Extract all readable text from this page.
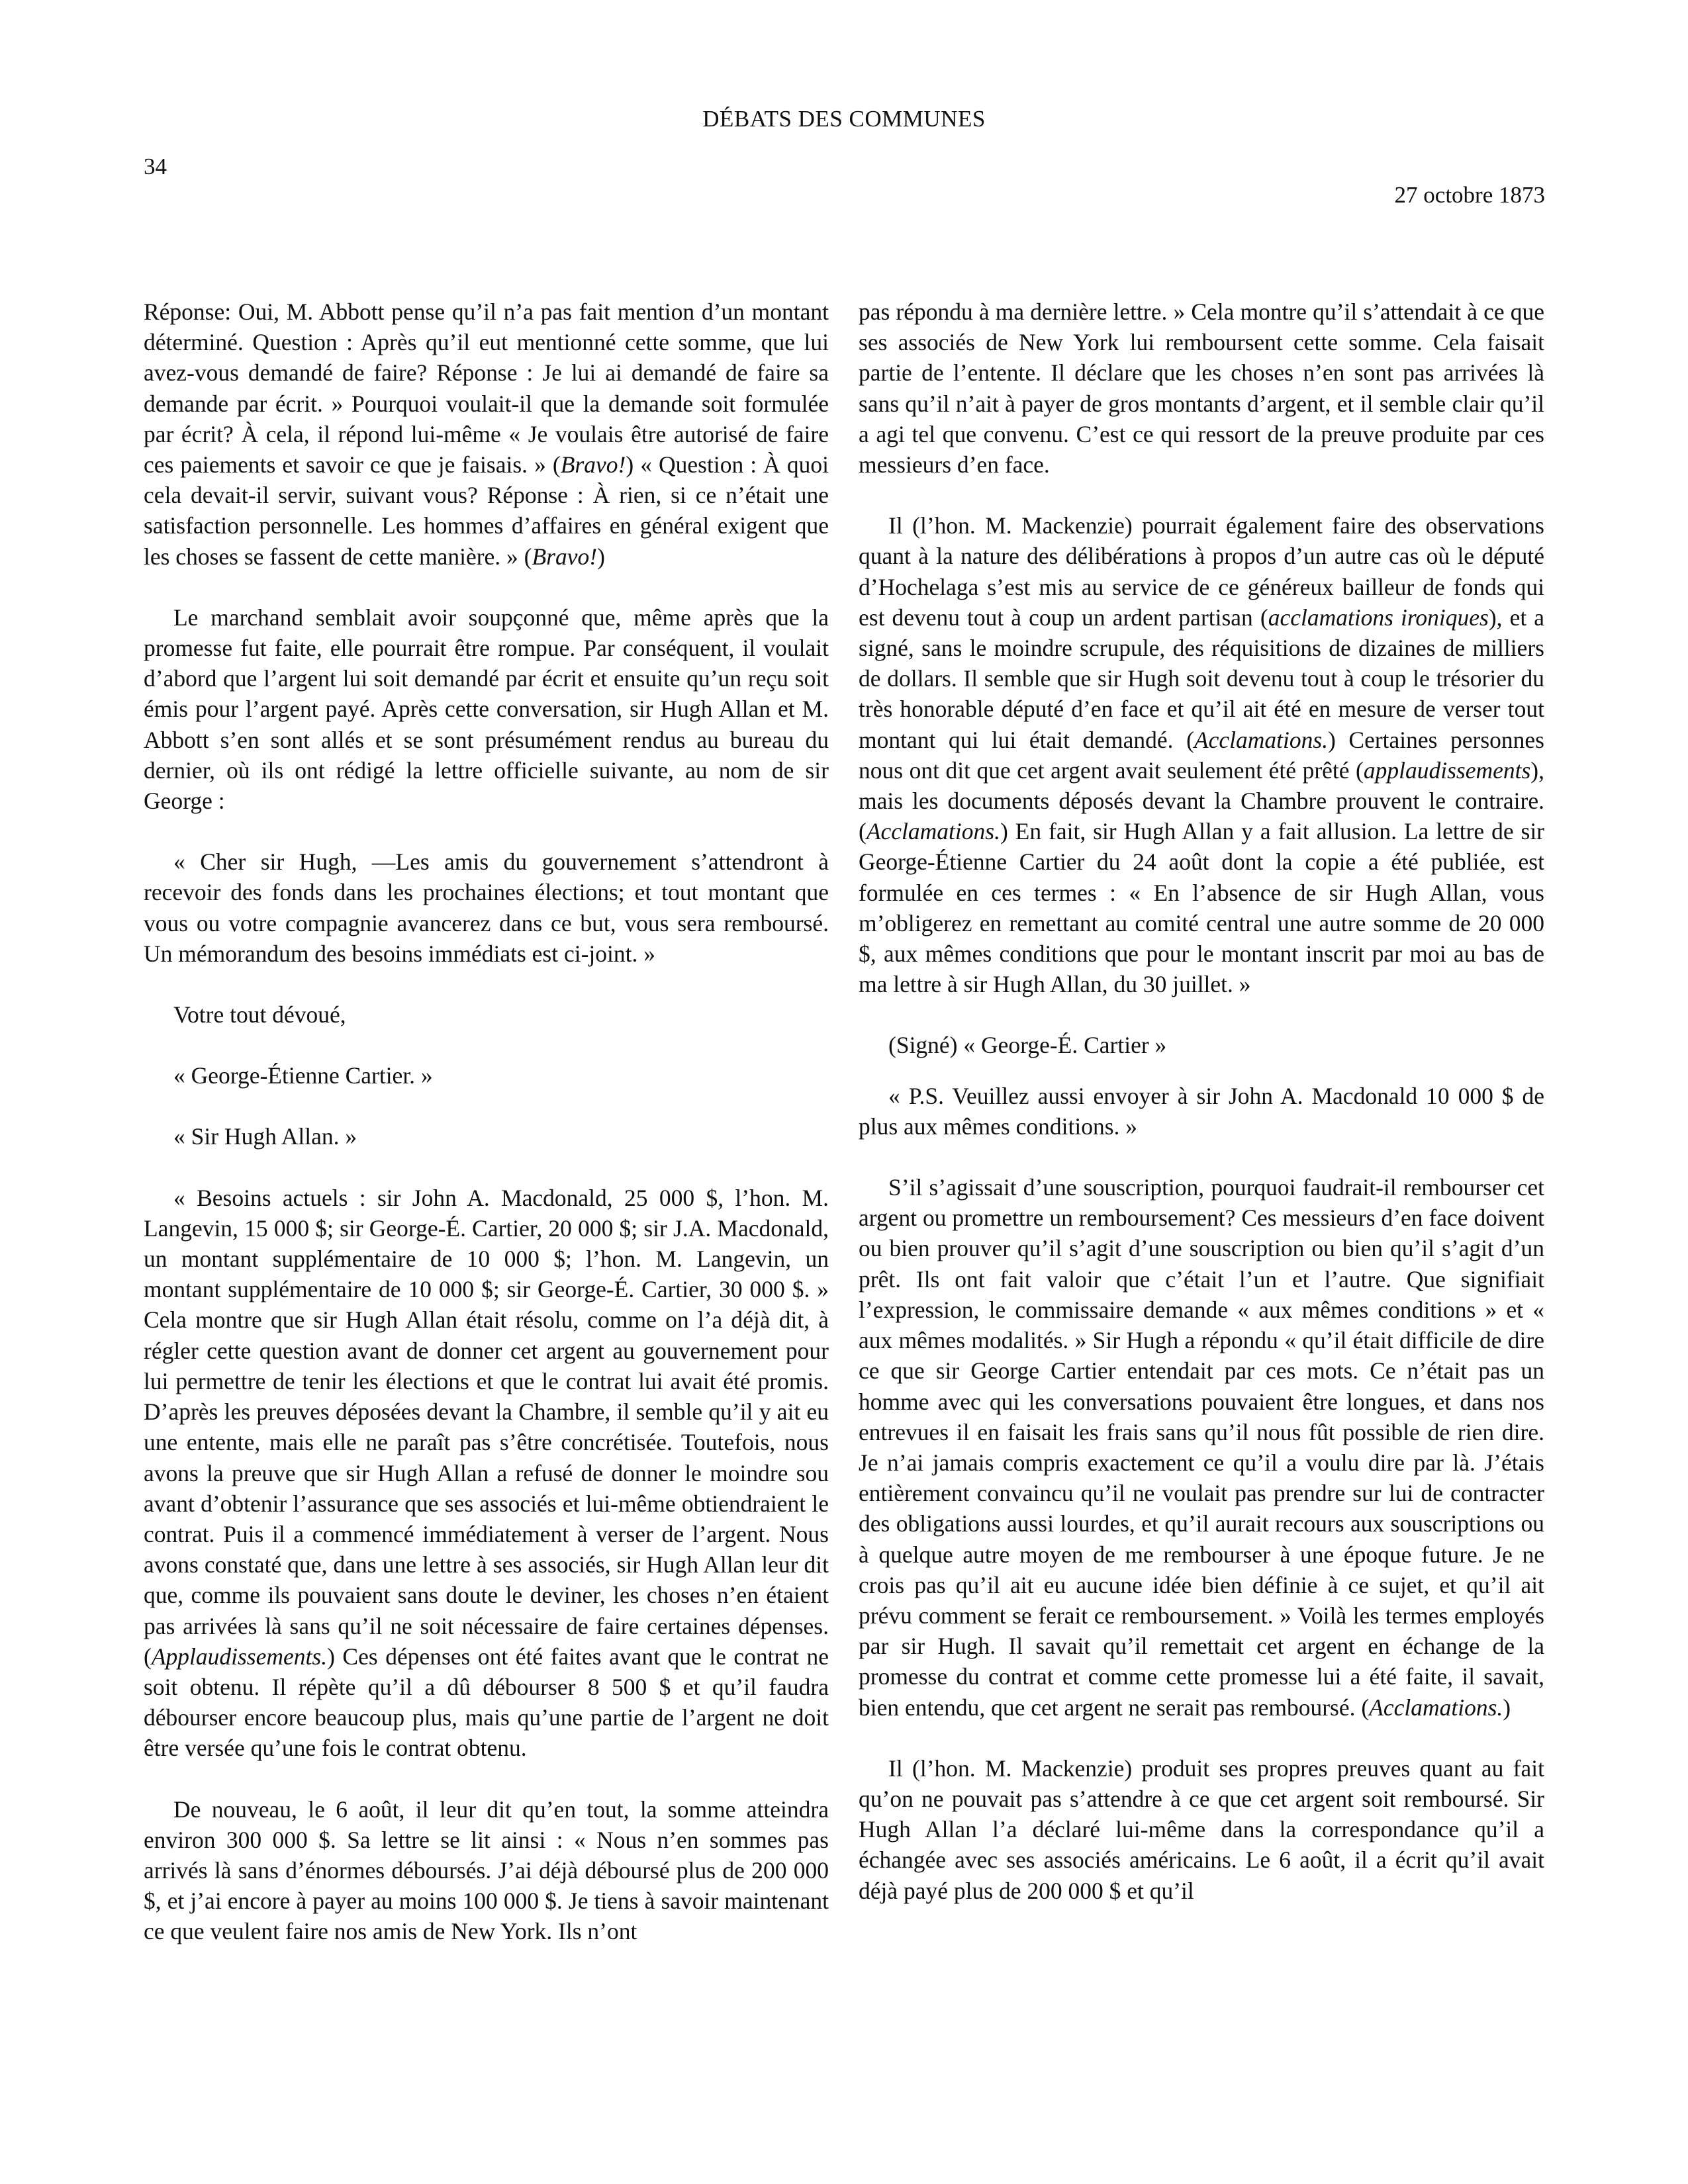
DÉBATS DES COMMUNES
34
27 octobre 1873

Réponse: Oui, M. Abbott pense qu’il n’a pas fait mention d’un montant déterminé. Question : Après qu’il eut mentionné cette somme, que lui avez-vous demandé de faire? Réponse : Je lui ai demandé de faire sa demande par écrit. » Pourquoi voulait-il que la demande soit formulée par écrit? À cela, il répond lui-même « Je voulais être autorisé de faire ces paiements et savoir ce que je faisais. » (Bravo!) « Question : À quoi cela devait-il servir, suivant vous? Réponse : À rien, si ce n’était une satisfaction personnelle. Les hommes d’affaires en général exigent que les choses se fassent de cette manière. » (Bravo!)

Le marchand semblait avoir soupçonné que, même après que la promesse fut faite, elle pourrait être rompue. Par conséquent, il voulait d’abord que l’argent lui soit demandé par écrit et ensuite qu’un reçu soit émis pour l’argent payé. Après cette conversation, sir Hugh Allan et M. Abbott s’en sont allés et se sont présumément rendus au bureau du dernier, où ils ont rédigé la lettre officielle suivante, au nom de sir George :

« Cher sir Hugh, —Les amis du gouvernement s’attendront à recevoir des fonds dans les prochaines élections; et tout montant que vous ou votre compagnie avancerez dans ce but, vous sera remboursé. Un mémorandum des besoins immédiats est ci-joint. »

Votre tout dévoué,

« George-Étienne Cartier. »

« Sir Hugh Allan. »

« Besoins actuels : sir John A. Macdonald, 25 000 $, l’hon. M. Langevin, 15 000 $; sir George-É. Cartier, 20 000 $; sir J.A. Macdonald, un montant supplémentaire de 10 000 $; l’hon. M. Langevin, un montant supplémentaire de 10 000 $; sir George-É. Cartier, 30 000 $. » Cela montre que sir Hugh Allan était résolu, comme on l’a déjà dit, à régler cette question avant de donner cet argent au gouvernement pour lui permettre de tenir les élections et que le contrat lui avait été promis. D’après les preuves déposées devant la Chambre, il semble qu’il y ait eu une entente, mais elle ne paraît pas s’être concrétisée. Toutefois, nous avons la preuve que sir Hugh Allan a refusé de donner le moindre sou avant d’obtenir l’assurance que ses associés et lui-même obtiendraient le contrat. Puis il a commencé immédiatement à verser de l’argent. Nous avons constaté que, dans une lettre à ses associés, sir Hugh Allan leur dit que, comme ils pouvaient sans doute le deviner, les choses n’en étaient pas arrivées là sans qu’il ne soit nécessaire de faire certaines dépenses. (Applaudissements.) Ces dépenses ont été faites avant que le contrat ne soit obtenu. Il répète qu’il a dû débourser 8 500 $ et qu’il faudra débourser encore beaucoup plus, mais qu’une partie de l’argent ne doit être versée qu’une fois le contrat obtenu.

De nouveau, le 6 août, il leur dit qu’en tout, la somme atteindra environ 300 000 $. Sa lettre se lit ainsi : « Nous n’en sommes pas arrivés là sans d’énormes déboursés. J’ai déjà déboursé plus de 200 000 $, et j’ai encore à payer au moins 100 000 $. Je tiens à savoir maintenant ce que veulent faire nos amis de New York. Ils n’ont

pas répondu à ma dernière lettre. » Cela montre qu’il s’attendait à ce que ses associés de New York lui remboursent cette somme. Cela faisait partie de l’entente. Il déclare que les choses n’en sont pas arrivées là sans qu’il n’ait à payer de gros montants d’argent, et il semble clair qu’il a agi tel que convenu. C’est ce qui ressort de la preuve produite par ces messieurs d’en face.

Il (l’hon. M. Mackenzie) pourrait également faire des observations quant à la nature des délibérations à propos d’un autre cas où le député d’Hochelaga s’est mis au service de ce généreux bailleur de fonds qui est devenu tout à coup un ardent partisan (acclamations ironiques), et a signé, sans le moindre scrupule, des réquisitions de dizaines de milliers de dollars. Il semble que sir Hugh soit devenu tout à coup le trésorier du très honorable député d’en face et qu’il ait été en mesure de verser tout montant qui lui était demandé. (Acclamations.) Certaines personnes nous ont dit que cet argent avait seulement été prêté (applaudissements), mais les documents déposés devant la Chambre prouvent le contraire. (Acclamations.) En fait, sir Hugh Allan y a fait allusion. La lettre de sir George-Étienne Cartier du 24 août dont la copie a été publiée, est formulée en ces termes : « En l’absence de sir Hugh Allan, vous m’obligerez en remettant au comité central une autre somme de 20 000 $, aux mêmes conditions que pour le montant inscrit par moi au bas de ma lettre à sir Hugh Allan, du 30 juillet. »

(Signé) « George-É. Cartier »

« P.S. Veuillez aussi envoyer à sir John A. Macdonald 10 000 $ de plus aux mêmes conditions. »

S’il s’agissait d’une souscription, pourquoi faudrait-il rembourser cet argent ou promettre un remboursement? Ces messieurs d’en face doivent ou bien prouver qu’il s’agit d’une souscription ou bien qu’il s’agit d’un prêt. Ils ont fait valoir que c’était l’un et l’autre. Que signifiait l’expression, le commissaire demande « aux mêmes conditions » et « aux mêmes modalités. » Sir Hugh a répondu « qu’il était difficile de dire ce que sir George Cartier entendait par ces mots. Ce n’était pas un homme avec qui les conversations pouvaient être longues, et dans nos entrevues il en faisait les frais sans qu’il nous fût possible de rien dire. Je n’ai jamais compris exactement ce qu’il a voulu dire par là. J’étais entièrement convaincu qu’il ne voulait pas prendre sur lui de contracter des obligations aussi lourdes, et qu’il aurait recours aux souscriptions ou à quelque autre moyen de me rembourser à une époque future. Je ne crois pas qu’il ait eu aucune idée bien définie à ce sujet, et qu’il ait prévu comment se ferait ce remboursement. » Voilà les termes employés par sir Hugh. Il savait qu’il remettait cet argent en échange de la promesse du contrat et comme cette promesse lui a été faite, il savait, bien entendu, que cet argent ne serait pas remboursé. (Acclamations.)

Il (l’hon. M. Mackenzie) produit ses propres preuves quant au fait qu’on ne pouvait pas s’attendre à ce que cet argent soit remboursé. Sir Hugh Allan l’a déclaré lui-même dans la correspondance qu’il a échangée avec ses associés américains. Le 6 août, il a écrit qu’il avait déjà payé plus de 200 000 $ et qu’il
